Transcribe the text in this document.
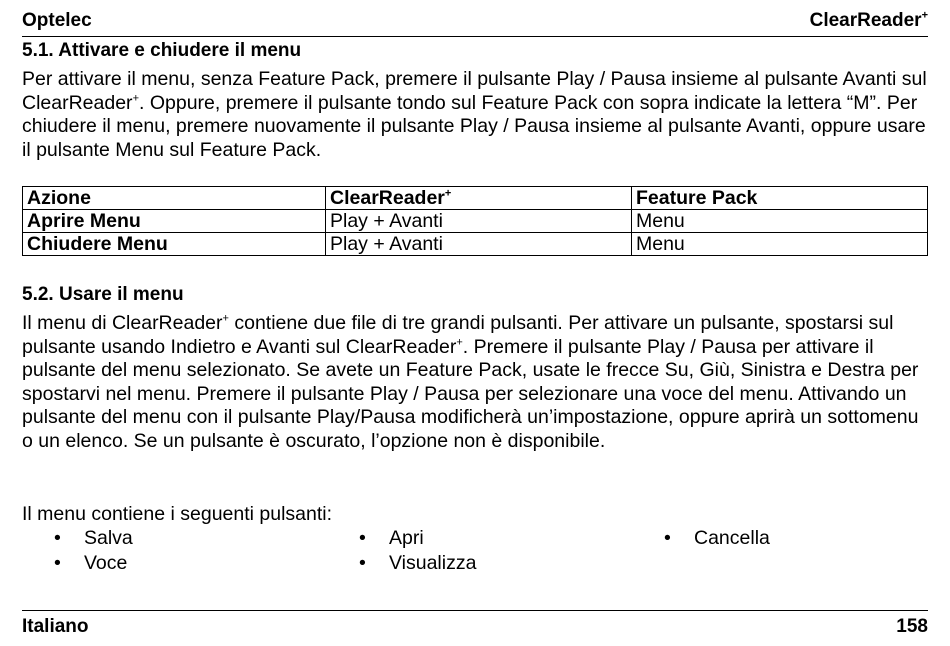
Optelec	ClearReader+
5.1. Attivare e chiudere il menu
Per attivare il menu, senza Feature Pack, premere il pulsante Play / Pausa insieme al pulsante Avanti sul ClearReader+. Oppure, premere il pulsante tondo sul Feature Pack con sopra indicate la lettera “M”. Per chiudere il menu, premere nuovamente il pulsante Play / Pausa insieme al pulsante Avanti, oppure usare il pulsante Menu sul Feature Pack.
Azione	ClearReader+	Feature Pack
Aprire Menu	Play + Avanti	Menu
Chiudere Menu	Play + Avanti	Menu
5.2. Usare il menu
Il menu di ClearReader+ contiene due file di tre grandi pulsanti. Per attivare un pulsante, spostarsi sul pulsante usando Indietro e Avanti sul ClearReader+. Premere il pulsante Play / Pausa per attivare il pulsante del menu selezionato. Se avete un Feature Pack, usate le frecce Su, Giù, Sinistra e Destra per spostarvi nel menu. Premere il pulsante Play / Pausa per selezionare una voce del menu. Attivando un pulsante del menu con il pulsante Play/Pausa modificherà un’impostazione, oppure aprirà un sottomenu o un elenco. Se un pulsante è oscurato, l’opzione non è disponibile.
Il menu contiene i seguenti pulsanti:
• Salva
• Voce
• Apri
• Visualizza
• Cancella
Italiano	158
